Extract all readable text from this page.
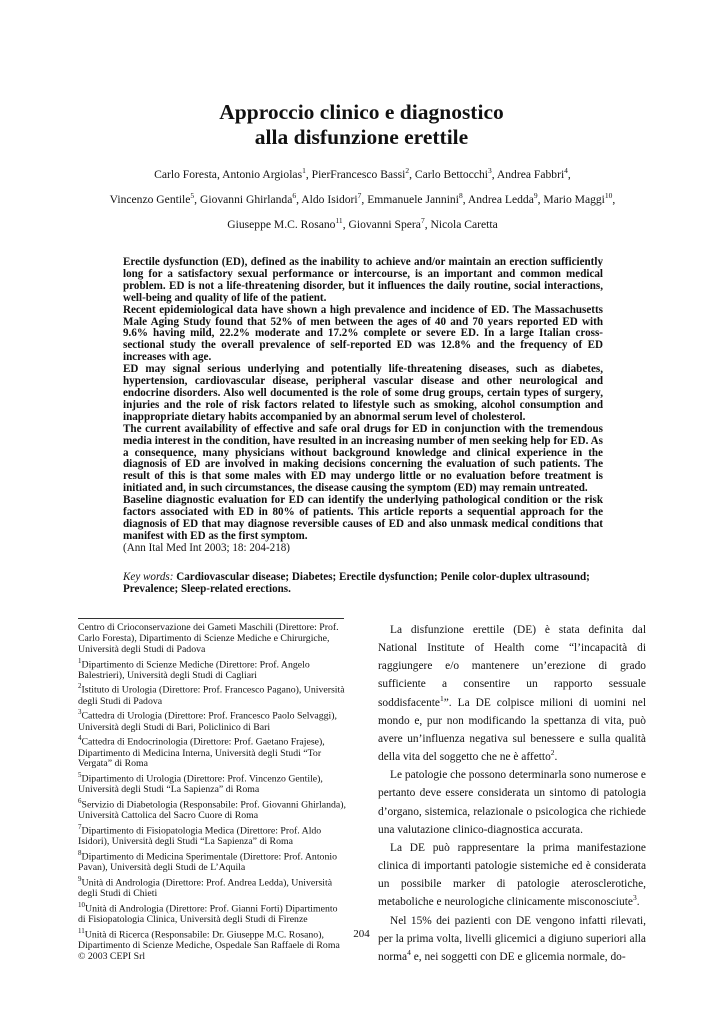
Approccio clinico e diagnostico
alla disfunzione erettile
Carlo Foresta, Antonio Argiolas$^1$, PierFrancesco Bassi$^2$, Carlo Bettocchi$^3$, Andrea Fabbri$^4$,
Vincenzo Gentile$^5$, Giovanni Ghirlanda$^6$, Aldo Isidori$^7$, Emmanuele Jannini$^8$, Andrea Ledda$^9$, Mario Maggi$^{10}$,
Giuseppe M.C. Rosano$^{11}$, Giovanni Spera$^7$, Nicola Caretta

Erectile dysfunction (ED), defined as the inability to achieve and/or maintain an erection sufficiently long for a satisfactory sexual performance or intercourse, is an important and common medical problem. ED is not a life-threatening disorder, but it influences the daily routine, social interactions, well-being and quality of life of the patient.

Recent epidemiological data have shown a high prevalence and incidence of ED. The Massachusetts Male Aging Study found that 52% of men between the ages of 40 and 70 years reported ED with 9.6% having mild, 22.2% moderate and 17.2% complete or severe ED. In a large Italian cross-sectional study the overall prevalence of self-reported ED was 12.8% and the frequency of ED increases with age.

ED may signal serious underlying and potentially life-threatening diseases, such as diabetes, hypertension, cardiovascular disease, peripheral vascular disease and other neurological and endocrine disorders. Also well documented is the role of some drug groups, certain types of surgery, injuries and the role of risk factors related to lifestyle such as smoking, alcohol consumption and inappropriate dietary habits accompanied by an abnormal serum level of cholesterol.

The current availability of effective and safe oral drugs for ED in conjunction with the tremendous media interest in the condition, have resulted in an increasing number of men seeking help for ED. As a consequence, many physicians without background knowledge and clinical experience in the diagnosis of ED are involved in making decisions concerning the evaluation of such patients. The result of this is that some males with ED may undergo little or no evaluation before treatment is initiated and, in such circumstances, the disease causing the symptom (ED) may remain untreated.

Baseline diagnostic evaluation for ED can identify the underlying pathological condition or the risk factors associated with ED in 80% of patients. This article reports a sequential approach for the diagnosis of ED that may diagnose reversible causes of ED and also unmask medical conditions that manifest with ED as the first symptom.

(Ann Ital Med Int 2003; 18: 204-218)

Key words: Cardiovascular disease; Diabetes; Erectile dysfunction; Penile color-duplex ultrasound; Prevalence; Sleep-related erections.
Centro di Crioconservazione dei Gameti Maschili (Direttore: Prof. Carlo Foresta), Dipartimento di Scienze Mediche e Chirurgiche, Università degli Studi di Padova
$^1$Dipartimento di Scienze Mediche (Direttore: Prof. Angelo Balestrieri), Università degli Studi di Cagliari
$^2$Istituto di Urologia (Direttore: Prof. Francesco Pagano), Università degli Studi di Padova
$^3$Cattedra di Urologia (Direttore: Prof. Francesco Paolo Selvaggi), Università degli Studi di Bari, Policlinico di Bari
$^4$Cattedra di Endocrinologia (Direttore: Prof. Gaetano Frajese), Dipartimento di Medicina Interna, Università degli Studi “Tor Vergata” di Roma
$^5$Dipartimento di Urologia (Direttore: Prof. Vincenzo Gentile), Università degli Studi “La Sapienza” di Roma
$^6$Servizio di Diabetologia (Responsabile: Prof. Giovanni Ghirlanda), Università Cattolica del Sacro Cuore di Roma
$^7$Dipartimento di Fisiopatologia Medica (Direttore: Prof. Aldo Isidori), Università degli Studi “La Sapienza” di Roma
$^8$Dipartimento di Medicina Sperimentale (Direttore: Prof. Antonio Pavan), Università degli Studi de L’Aquila
$^9$Unità di Andrologia (Direttore: Prof. Andrea Ledda), Università degli Studi di Chieti
$^{10}$Unità di Andrologia (Direttore: Prof. Gianni Forti) Dipartimento di Fisiopatologia Clinica, Università degli Studi di Firenze
$^{11}$Unità di Ricerca (Responsabile: Dr. Giuseppe M.C. Rosano), Dipartimento di Scienze Mediche, Ospedale San Raffaele di Roma
© 2003 CEPI Srl

La disfunzione erettile (DE) è stata definita dal National Institute of Health come “l’incapacità di raggiungere e/o mantenere un’erezione di grado sufficiente a consentire un rapporto sessuale soddisfacente$^1$”. La DE colpisce milioni di uomini nel mondo e, pur non modificando la spettanza di vita, può avere un’influenza negativa sul benessere e sulla qualità della vita del soggetto che ne è affetto$^2$.

Le patologie che possono determinarla sono numerose e pertanto deve essere considerata un sintomo di patologia d’organo, sistemica, relazionale o psicologica che richiede una valutazione clinico-diagnostica accurata.

La DE può rappresentare la prima manifestazione clinica di importanti patologie sistemiche ed è considerata un possibile marker di patologie aterosclerotiche, metaboliche e neurologiche clinicamente misconosciute$^3$.

Nel 15% dei pazienti con DE vengono infatti rilevati, per la prima volta, livelli glicemici a digiuno superiori alla norma$^4$ e, nei soggetti con DE e glicemia normale, do-

204
